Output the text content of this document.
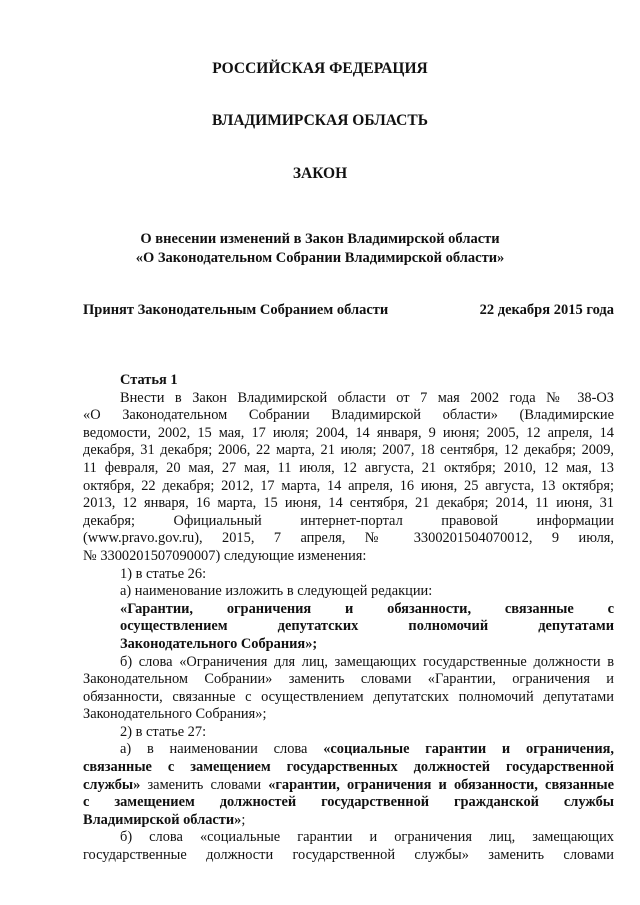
РОССИЙСКАЯ ФЕДЕРАЦИЯ
ВЛАДИМИРСКАЯ ОБЛАСТЬ
ЗАКОН
О внесении изменений в Закон Владимирской области
«О Законодательном Собрании Владимирской области»
Принят Законодательным Собранием области	22 декабря 2015 года

Статья 1

Внести в Закон Владимирской области от 7 мая 2002 года № 38-ОЗ

«О Законодательном Собрании Владимирской области» (Владимирские

ведомости, 2002, 15 мая, 17 июля; 2004, 14 января, 9 июня; 2005, 12 апреля, 14

декабря, 31 декабря; 2006, 22 марта, 21 июля; 2007, 18 сентября, 12 декабря; 2009,

11 февраля, 20 мая, 27 мая, 11 июля, 12 августа, 21 октября; 2010, 12 мая, 13

октября, 22 декабря; 2012, 17 марта, 14 апреля, 16 июня, 25 августа, 13 октября;

2013, 12 января, 16 марта, 15 июня, 14 сентября, 21 декабря; 2014, 11 июня, 31

декабря; Официальный интернет-портал правовой информации

(www.pravo.gov.ru), 2015, 7 апреля, № 3300201504070012, 9 июля,

№ 3300201507090007) следующие изменения:

1) в статье 26:

а) наименование изложить в следующей редакции:

«Гарантии, ограничения и обязанности, связанные с

осуществлением депутатских полномочий депутатами

Законодательного Собрания»;

б) слова «Ограничения для лиц, замещающих государственные должности в

Законодательном Собрании» заменить словами «Гарантии, ограничения и

обязанности, связанные с осуществлением депутатских полномочий депутатами

Законодательного Собрания»;

2) в статье 27:

а) в наименовании слова «социальные гарантии и ограничения,

связанные с замещением государственных должностей государственной

службы» заменить словами «гарантии, ограничения и обязанности, связанные

с замещением должностей государственной гражданской службы

Владимирской области»;

б) слова «социальные гарантии и ограничения лиц, замещающих

государственные должности государственной службы» заменить словами
